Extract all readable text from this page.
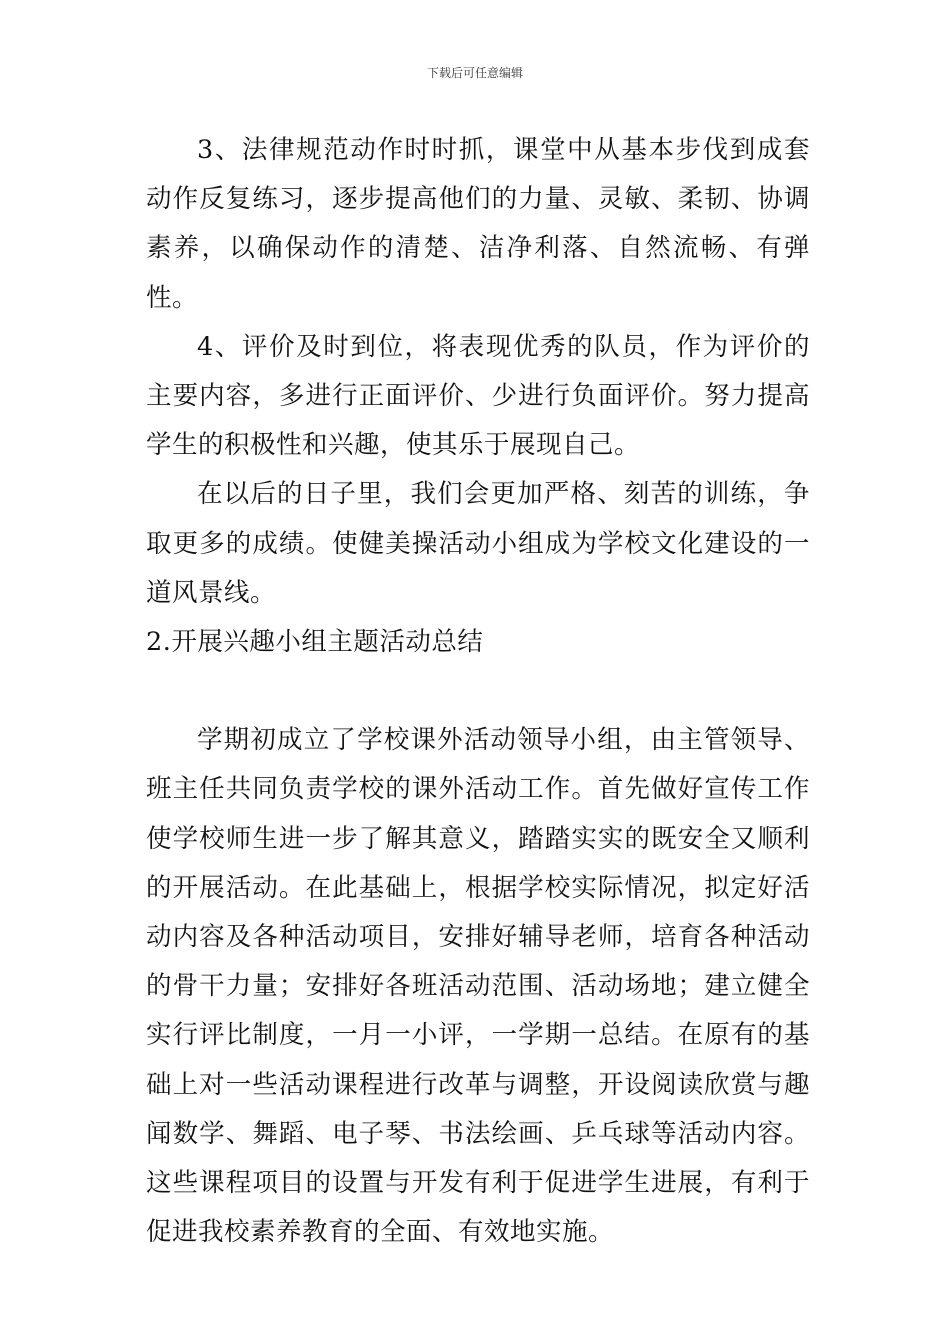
下载后可任意编辑

3、法律规范动作时时抓，课堂中从基本步伐到成套动作反复练习，逐步提高他们的力量、灵敏、柔韧、协调素养，以确保动作的清楚、洁净利落、自然流畅、有弹性。

4、评价及时到位，将表现优秀的队员，作为评价的主要内容，多进行正面评价、少进行负面评价。努力提高学生的积极性和兴趣，使其乐于展现自己。

在以后的日子里，我们会更加严格、刻苦的训练，争取更多的成绩。使健美操活动小组成为学校文化建设的一道风景线。

2.开展兴趣小组主题活动总结

学期初成立了学校课外活动领导小组，由主管领导、班主任共同负责学校的课外活动工作。首先做好宣传工作使学校师生进一步了解其意义，踏踏实实的既安全又顺利的开展活动。在此基础上，根据学校实际情况，拟定好活动内容及各种活动项目，安排好辅导老师，培育各种活动的骨干力量；安排好各班活动范围、活动场地；建立健全实行评比制度，一月一小评，一学期一总结。在原有的基础上对一些活动课程进行改革与调整，开设阅读欣赏与趣闻数学、舞蹈、电子琴、书法绘画、乒乓球等活动内容。这些课程项目的设置与开发有利于促进学生进展，有利于促进我校素养教育的全面、有效地实施。
